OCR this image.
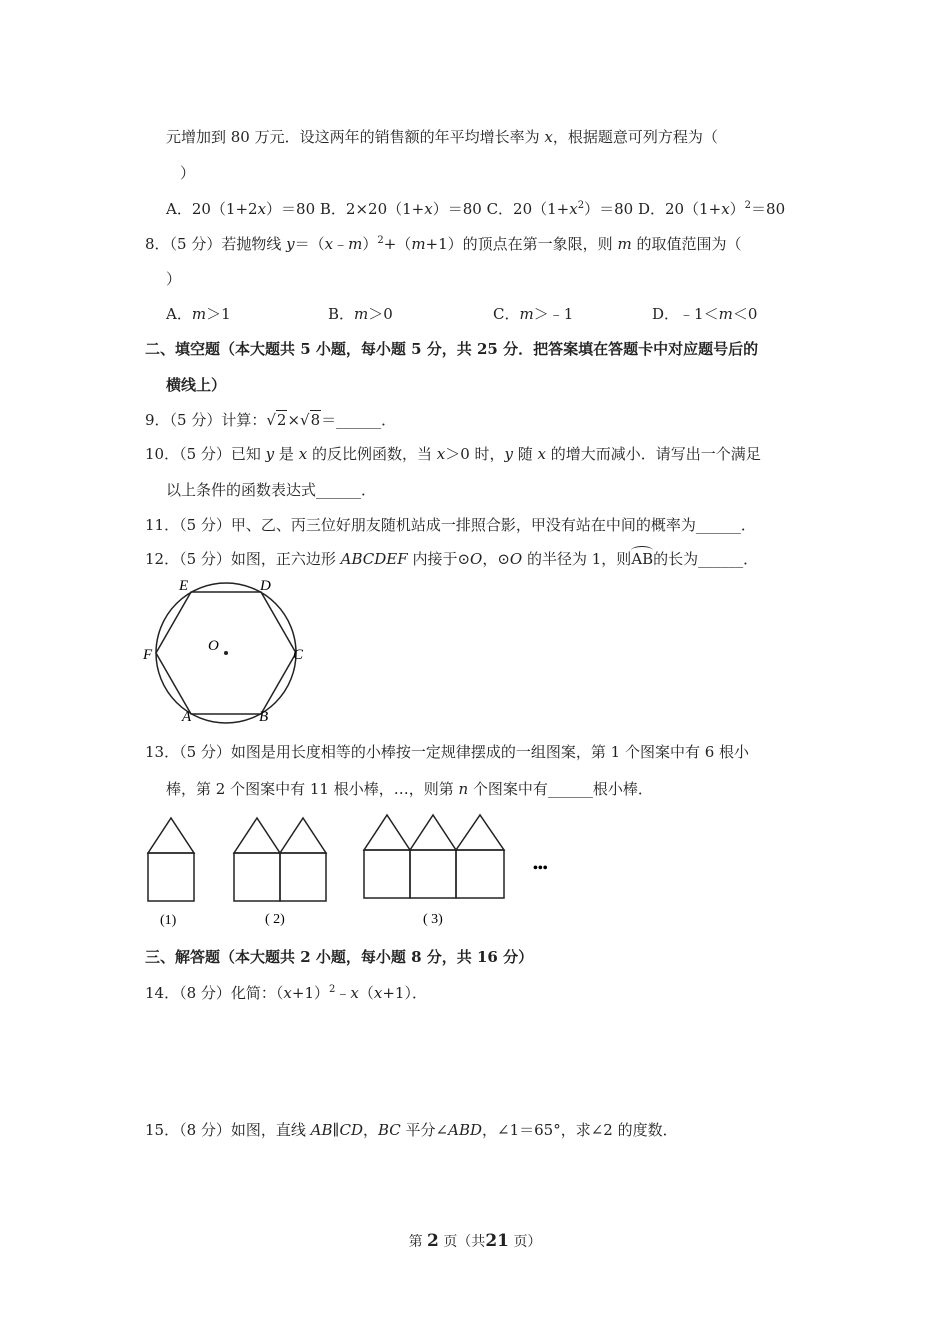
元增加到 80 万元．设这两年的销售额的年平均增长率为 x，根据题意可列方程为（
）
A．20（1+2x）＝80 B．2×20（1+x）＝80 C．$20(1+x^2)=80$ D．$20(1+x)^2=80$
8．（5 分）若抛物线 y＝（x﹣m）$^2$+（m+1）的顶点在第一象限，则 m 的取值范围为（
）
A．m＞1	B．m＞0	C．m＞﹣1	D．﹣1＜m＜0
二、填空题（本大题共 5 小题，每小题 5 分，共 25 分．把答案填在答题卡中对应题号后的
横线上）
9．（5 分）计算：√2×√8＝______．
10．（5 分）已知 y 是 x 的反比例函数，当 x＞0 时，y 随 x 的增大而减小．请写出一个满足
以上条件的函数表达式______．
11．（5 分）甲、乙、丙三位好朋友随机站成一排照合影，甲没有站在中间的概率为______．
12．（5 分）如图，正六边形 ABCDEF 内接于⊙O，⊙O 的半径为 1，则AB的长为______．
O
E	D
F	C
A	B
13．（5 分）如图是用长度相等的小棒按一定规律摆成的一组图案，第 1 个图案中有 6 根小
棒，第 2 个图案中有 11 根小棒，…，则第 n 个图案中有______根小棒．
•••
(1)	( 2)	( 3)
三、解答题（本大题共 2 小题，每小题 8 分，共 16 分）
14．（8 分）化简：$(x+1)^2﹣x(x+1)$．
15．（8 分）如图，直线 AB∥CD，BC 平分∠ABD，∠1＝65°，求∠2 的度数．
第 2 页（共21 页）
